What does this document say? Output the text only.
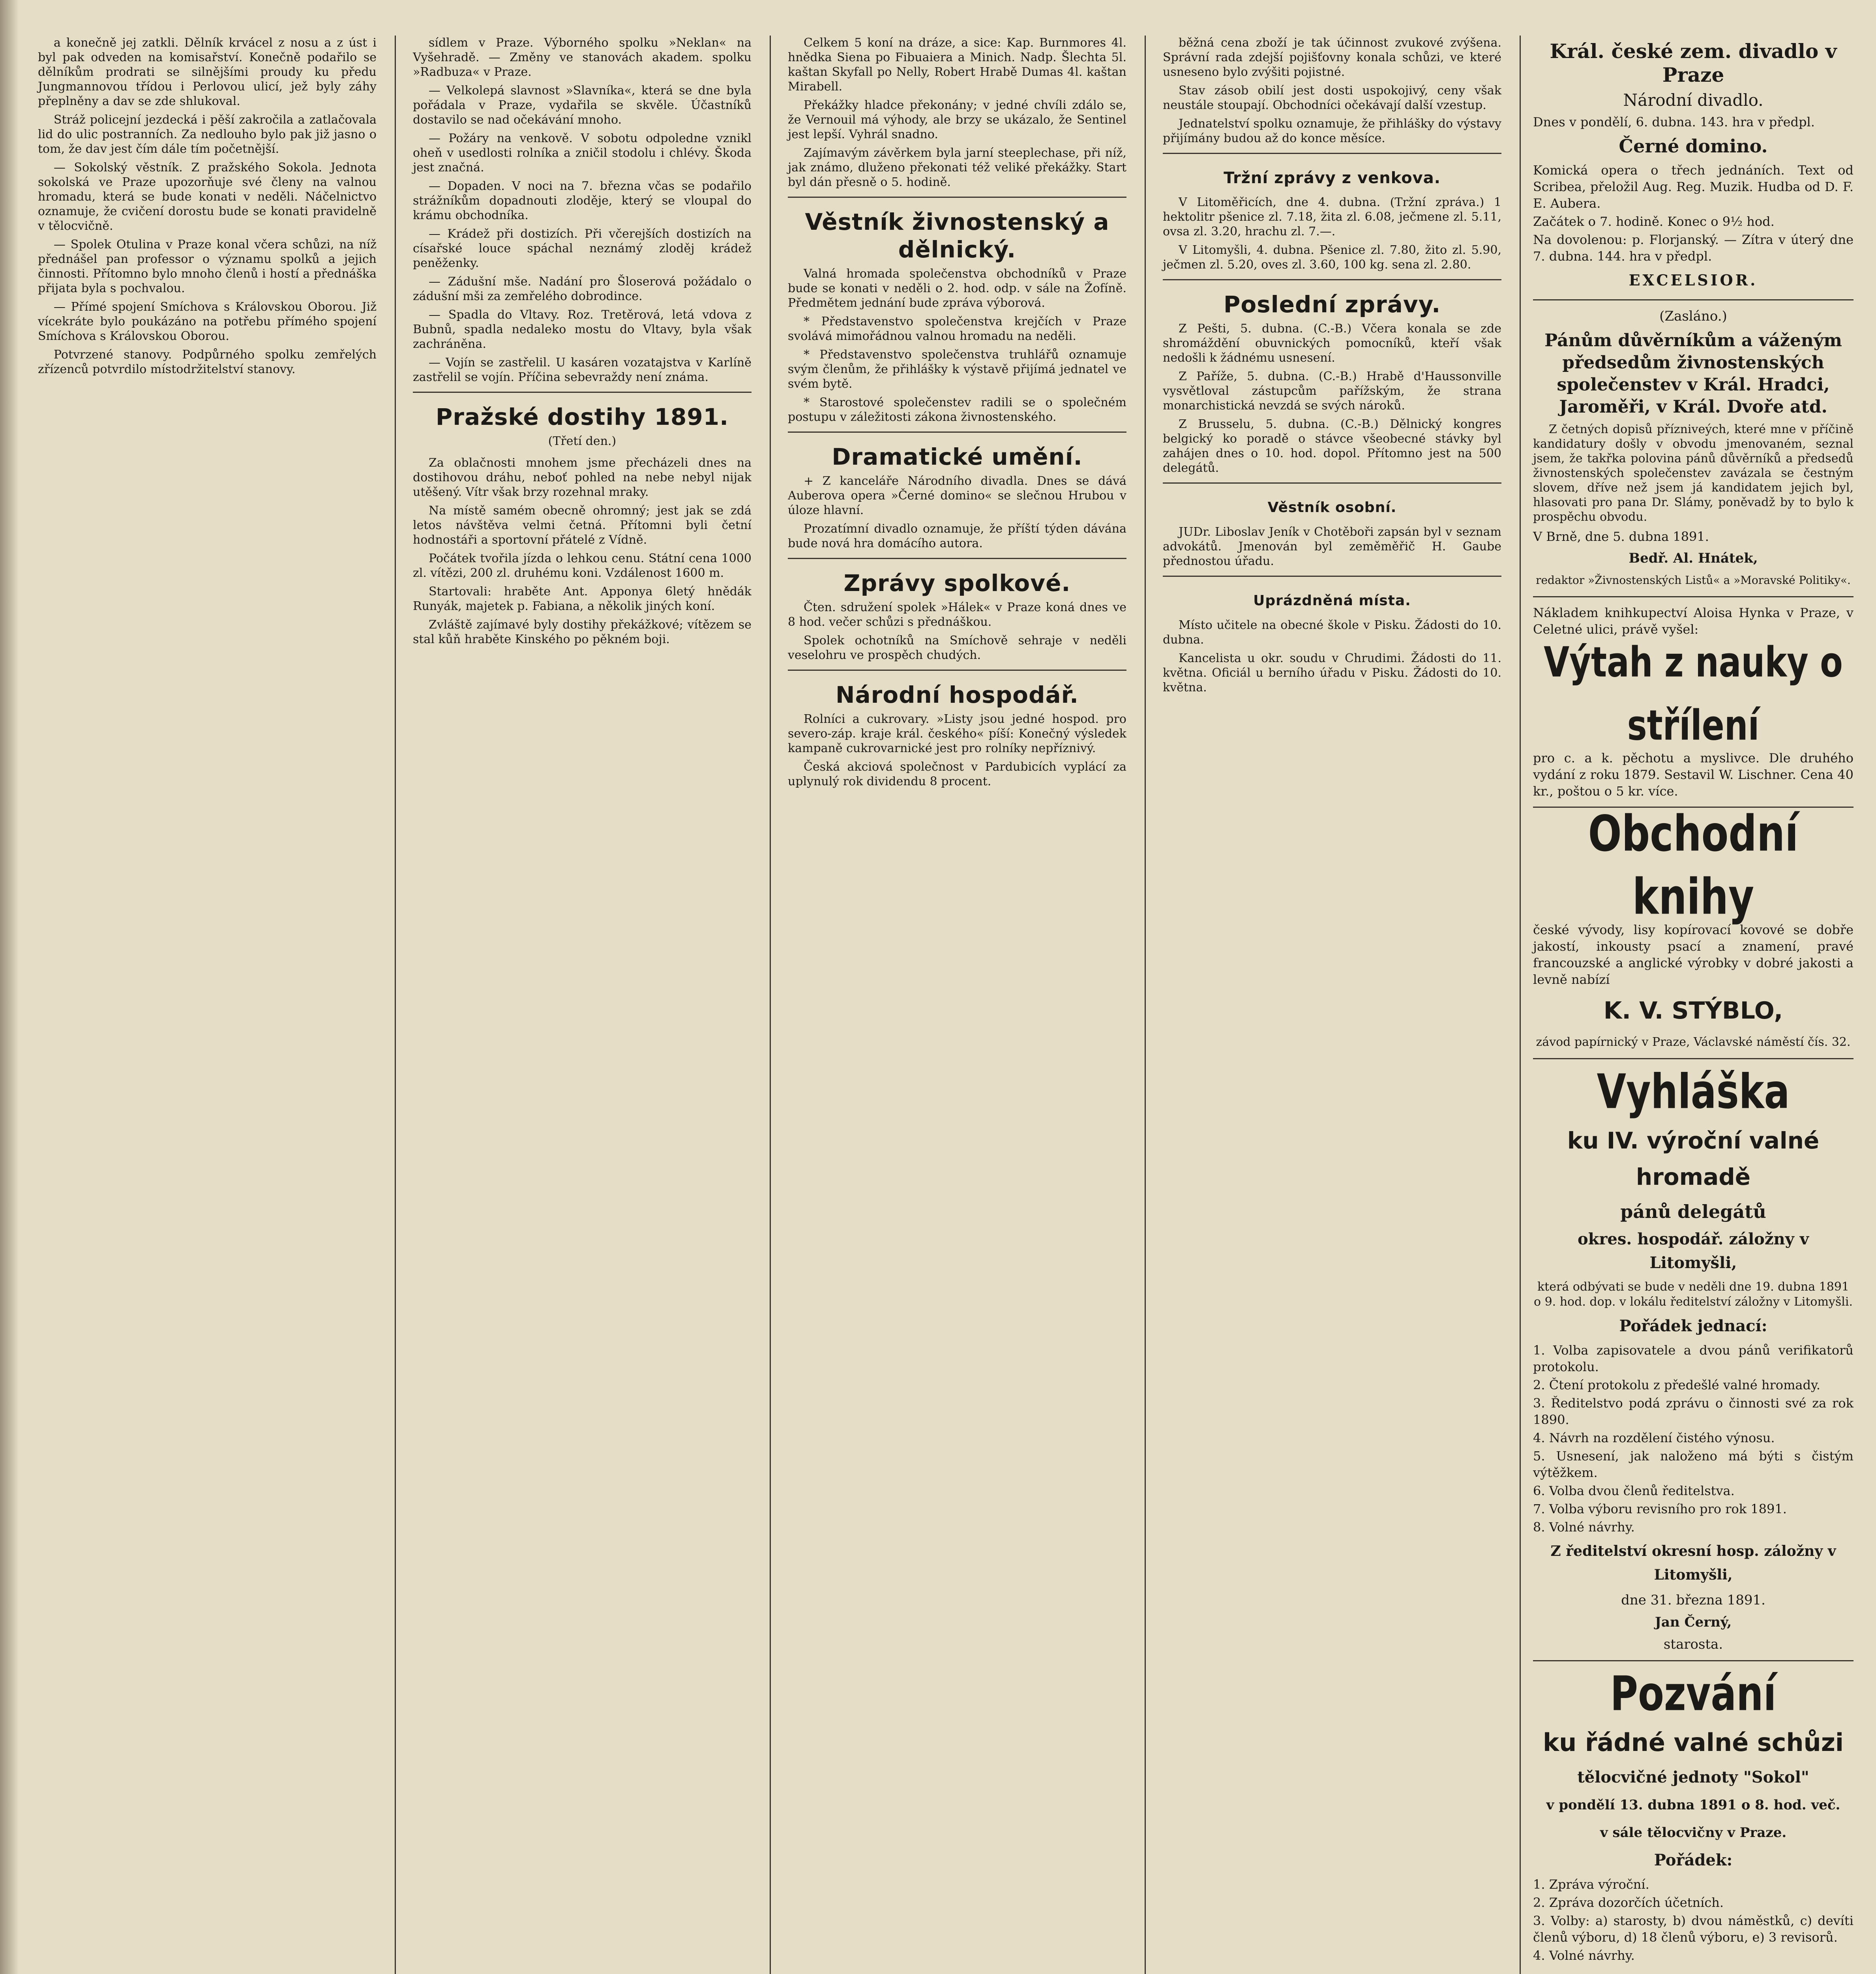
a konečně jej zatkli. Dělník krvácel z nosu a z úst i byl pak odveden na komisařství. Konečně podařilo se dělníkům prodrati se silnějšími proudy ku předu Jungmannovou třídou i Perlovou ulicí, jež byly záhy přeplněny a dav se zde shlukoval.

Stráž policejní jezdecká i pěší zakročila a zatlačovala lid do ulic postranních. Za nedlouho bylo pak již jasno o tom, že dav jest čím dále tím početnější.

— Sokolský věstník. Z pražského Sokola. Jednota sokolská ve Praze upozorňuje své členy na valnou hromadu, která se bude konati v neděli. Náčelnictvo oznamuje, že cvičení dorostu bude se konati pravidelně v tělocvičně.

— Spolek Otulina v Praze konal včera schůzi, na níž přednášel pan professor o významu spolků a jejich činnosti. Přítomno bylo mnoho členů i hostí a přednáška přijata byla s pochvalou.

— Přímé spojení Smíchova s Královskou Oborou. Již vícekráte bylo poukázáno na potřebu přímého spojení Smíchova s Královskou Oborou.

Potvrzené stanovy. Podpůrného spolku zemřelých zřízenců potvrdilo místodržitelství stanovy.

sídlem v Praze. Výborného spolku »Neklan« na Vyšehradě. — Změny ve stanovách akadem. spolku »Radbuza« v Praze.

— Velkolepá slavnost »Slavníka«, která se dne byla pořádala v Praze, vydařila se skvěle. Účastníků dostavilo se nad očekávání mnoho.

— Požáry na venkově. V sobotu odpoledne vznikl oheň v usedlosti rolníka a zničil stodolu i chlévy. Škoda jest značná.

— Dopaden. V noci na 7. března včas se podařilo strážníkům dopadnouti zloděje, který se vloupal do krámu obchodníka.

— Krádež při dostizích. Při včerejších dostizích na císařské louce spáchal neznámý zloděj krádež peněženky.

— Zádušní mše. Nadání pro Šloserová požádalo o zádušní mši za zemřelého dobrodince.

— Spadla do Vltavy. Roz. Tretěrová, letá vdova z Bubnů, spadla nedaleko mostu do Vltavy, byla však zachráněna.

— Vojín se zastřelil. U kasáren vozatajstva v Karlíně zastřelil se vojín. Příčina sebevraždy není známa.

Pražské dostihy 1891.
(Třetí den.)

Za oblačnosti mnohem jsme přecházeli dnes na dostihovou dráhu, neboť pohled na nebe nebyl nijak utěšený. Vítr však brzy rozehnal mraky.

Na místě samém obecně ohromný; jest jak se zdá letos návštěva velmi četná. Přítomni byli četní hodnostáři a sportovní přátelé z Vídně.

Počátek tvořila jízda o lehkou cenu. Státní cena 1000 zl. vítězi, 200 zl. druhému koni. Vzdálenost 1600 m.

Startovali: hraběte Ant. Apponya 6letý hnědák Runyák, majetek p. Fabiana, a několik jiných koní.

Zvláště zajímavé byly dostihy překážkové; vítězem se stal kůň hraběte Kinského po pěkném boji.

Celkem 5 koní na dráze, a sice: Kap. Burnmores 4l. hnědka Siena po Fibuaiera a Minich. Nadp. Šlechta 5l. kaštan Skyfall po Nelly, Robert Hrabě Dumas 4l. kaštan Mirabell.

Překážky hladce překonány; v jedné chvíli zdálo se, že Vernouil má výhody, ale brzy se ukázalo, že Sentinel jest lepší. Vyhrál snadno.

Zajímavým závěrkem byla jarní steeplechase, při níž, jak známo, dluženo překonati též veliké překážky. Start byl dán přesně o 5. hodině.

Věstník živnostenský a dělnický.

Valná hromada společenstva obchodníků v Praze bude se konati v neděli o 2. hod. odp. v sále na Žofíně. Předmětem jednání bude zpráva výborová.

* Představenstvo společenstva krejčích v Praze svolává mimořádnou valnou hromadu na neděli.

* Představenstvo společenstva truhlářů oznamuje svým členům, že přihlášky k výstavě přijímá jednatel ve svém bytě.

* Starostové společenstev radili se o společném postupu v záležitosti zákona živnostenského.

Dramatické umění.

+ Z kanceláře Národního divadla. Dnes se dává Auberova opera »Černé domino« se slečnou Hrubou v úloze hlavní.

Prozatímní divadlo oznamuje, že příští týden dávána bude nová hra domácího autora.

Zprávy spolkové.

Čten. sdružení spolek »Hálek« v Praze koná dnes ve 8 hod. večer schůzi s přednáškou.

Spolek ochotníků na Smíchově sehraje v neděli veselohru ve prospěch chudých.

Národní hospodář.

Rolníci a cukrovary. »Listy jsou jedné hospod. pro severo-záp. kraje král. českého« píší: Konečný výsledek kampaně cukrovarnické jest pro rolníky nepříznivý.

Česká akciová společnost v Pardubicích vyplácí za uplynulý rok dividendu 8 procent.

běžná cena zboží je tak účinnost zvukové zvýšena. Správní rada zdejší pojišťovny konala schůzi, ve které usneseno bylo zvýšiti pojistné.

Stav zásob obilí jest dosti uspokojivý, ceny však neustále stoupají. Obchodníci očekávají další vzestup.

Jednatelství spolku oznamuje, že přihlášky do výstavy přijímány budou až do konce měsíce.

Tržní zprávy z venkova.

V Litoměřicích, dne 4. dubna. (Tržní zpráva.) 1 hektolitr pšenice zl. 7.18, žita zl. 6.08, ječmene zl. 5.11, ovsa zl. 3.20, hrachu zl. 7.—.

V Litomyšli, 4. dubna. Pšenice zl. 7.80, žito zl. 5.90, ječmen zl. 5.20, oves zl. 3.60, 100 kg. sena zl. 2.80.

Poslední zprávy.

Z Pešti, 5. dubna. (C.-B.) Včera konala se zde shromáždění obuvnických pomocníků, kteří však nedošli k žádnému usnesení.

Z Paříže, 5. dubna. (C.-B.) Hrabě d'Haussonville vysvětloval zástupcům pařížským, že strana monarchistická nevzdá se svých nároků.

Z Brusselu, 5. dubna. (C.-B.) Dělnický kongres belgický ko poradě o stávce všeobecné stávky byl zahájen dnes o 10. hod. dopol. Přítomno jest na 500 delegátů.

Věstník osobní.

JUDr. Liboslav Jeník v Chotěboři zapsán byl v seznam advokátů. Jmenován byl zeměměřič H. Gaube přednostou úřadu.

Uprázdněná místa.

Místo učitele na obecné škole v Pisku. Žádosti do 10. dubna.

Kancelista u okr. soudu v Chrudimi. Žádosti do 11. května. Oficiál u berního úřadu v Pisku. Žádosti do 10. května.

Král. české zem. divadlo v Praze
Národní divadlo.
Dnes v pondělí, 6. dubna. 143. hra v předpl.
Černé domino.
Komická opera o třech jednáních. Text od Scribea, přeložil Aug. Reg. Muzik. Hudba od D. F. E. Aubera.
Začátek o 7. hodině. Konec o 9½ hod.
Na dovolenou: p. Florjanský. — Zítra v úterý dne 7. dubna. 144. hra v předpl.
EXCELSIOR.
(Zasláno.)
Pánům důvěrníkům a váženým předsedům živnostenských společenstev v Král. Hradci, Jaroměři, v Král. Dvoře atd.

Z četných dopisů přízniveých, které mne v příčině kandidatury došly v obvodu jmenovaném, seznal jsem, že takřka polovina pánů důvěrníků a předsedů živnostenských společenstev zavázala se čestným slovem, dříve než jsem já kandidatem jejich byl, hlasovati pro pana Dr. Slámy, poněvadž by to bylo k prospěchu obvodu.

V Brně, dne 5. dubna 1891.
Bedř. Al. Hnátek,
redaktor »Živnostenských Listů« a »Moravské Politiky«.
Nákladem knihkupectví Aloisa Hynka v Praze, v Celetné ulici, právě vyšel:
Výtah z nauky o střílení
pro c. a k. pěchotu a myslivce. Dle druhého vydání z roku 1879. Sestavil W. Lischner. Cena 40 kr., poštou o 5 kr. více.
Obchodní knihy
české vývody, lisy kopírovací kovové se dobře jakostí, inkousty psací a znamení, pravé francouzské a anglické výrobky v dobré jakosti a levně nabízí
K. V. STÝBLO,
závod papírnický v Praze, Václavské náměstí čís. 32.
Vyhláška
ku IV. výroční valné hromadě
pánů delegátů
okres. hospodář. záložny v Litomyšli,
která odbývati se bude v neděli dne 19. dubna 1891 o 9. hod. dop. v lokálu ředitelství záložny v Litomyšli.
Pořádek jednací:
1. Volba zapisovatele a dvou pánů verifikatorů protokolu.
2. Čtení protokolu z předešlé valné hromady.
3. Ředitelstvo podá zprávu o činnosti své za rok 1890.
4. Návrh na rozdělení čistého výnosu.
5. Usnesení, jak naloženo má býti s čistým výtěžkem.
6. Volba dvou členů ředitelstva.
7. Volba výboru revisního pro rok 1891.
8. Volné návrhy.
Z ředitelství okresní hosp. záložny v Litomyšli,
dne 31. března 1891.
Jan Černý,
starosta.
Pozvání
ku řádné valné schůzi
tělocvičné jednoty "Sokol"
v pondělí 13. dubna 1891 o 8. hod. več.
v sále tělocvičny v Praze.
Pořádek:
1. Zpráva výroční.
2. Zpráva dozorčích účetních.
3. Volby: a) starosty, b) dvou náměstků, c) devíti členů výboru, d) 18 členů výboru, e) 3 revisorů.
4. Volné návrhy.
